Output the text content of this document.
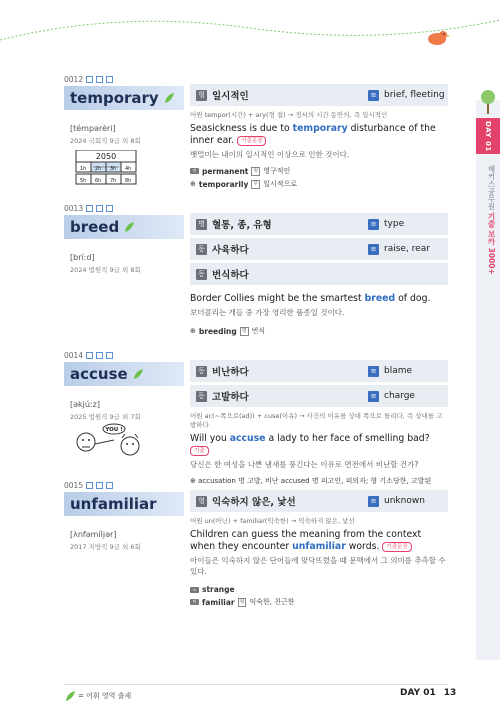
DAY 01
해커스공무원 기출 보카 3000+
0012
temporary
[témpərèri]
2024 국회직 9급 외 8회
2050
1h 2h 3h 4h
5h 6h 7h 8h
형 일시적인	≡ brief, fleeting
어원 tempor(시간) + ary(형 접) → 정서의 시간 동안의, 즉 일시적인
Seasickness is due to temporary disturbance of the inner ear. 기출문장
뱃멀미는 내이의 일시적인 이상으로 인한 것이다.
반 permanent	형 영구적인
⊕ temporarily	부 일시적으로
0013
breed
[bríːd]
2024 법원직 9급 외 8회
명 혈통, 종, 유형	≡ type
동 사육하다	≡ raise, rear
동 번식하다
Border Collies might be the smartest breed of dog.
보더콜리는 개들 중 가장 영리한 품종일 것이다.
⊕ breeding	명 번식
0014
accuse
[əkjúːz]
2025 법원직 9급 외 7회
YOU !
동 비난하다	≡ blame
동 고발하다	≡ charge
어원 ac(~쪽으로(ad)) + cuse(이유) → 사건의 이유를 상대 쪽으로 돌리다, 즉 상대를 고발하다
Will you accuse a lady to her face of smelling bad? 기출
당신은 한 여성을 나쁜 냄새를 풍긴다는 이유로 면전에서 비난할 건가?
⊕ accusation 명 고발, 비난 accused 명 피고인, 피의자; 형 기소당한, 고발된
0015
unfamiliar
[ʌ̀nfəmíljər]
2017 지방직 9급 외 6회
형 익숙하지 않은, 낯선	≡ unknown
어원 un(아닌) + familiar(익숙한) → 익숙하지 않은, 낯선
Children can guess the meaning from the context when they encounter unfamiliar words. 기출문장
아이들은 익숙하지 않은 단어들에 맞닥뜨렸을 때 문맥에서 그 의미를 추측할 수 있다.
≡ strange
반 familiar	형 익숙한, 친근한
= 어휘 영역 출제	DAY 01 13
